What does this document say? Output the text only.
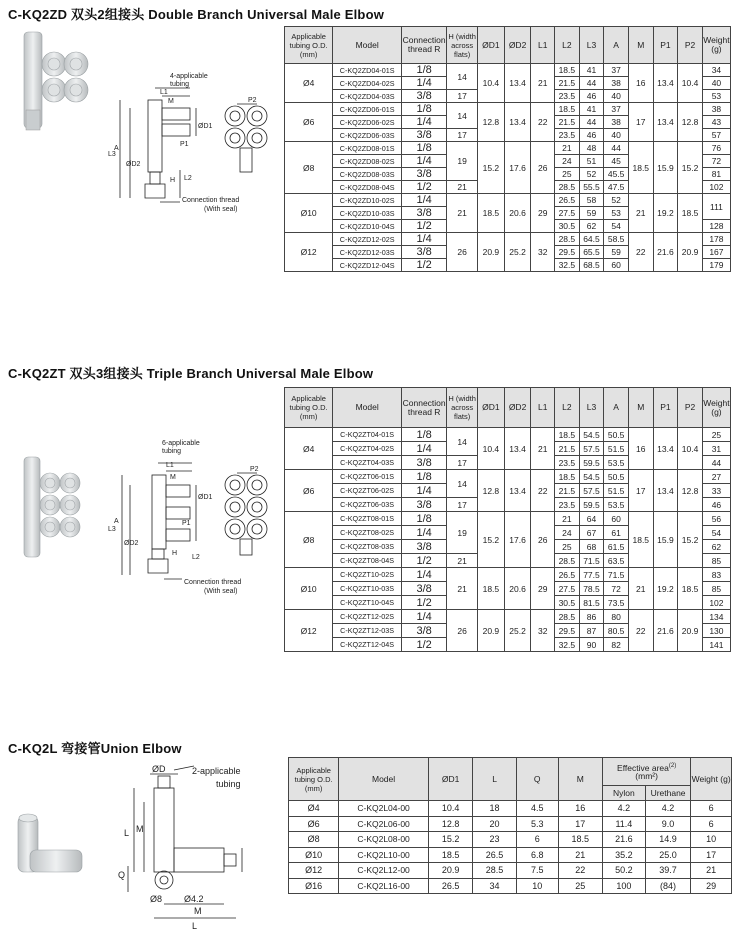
C-KQ2ZD 双头2组接头 Double Branch Universal Male Elbow
4-applicable
tubing
L1
M
ØD1
ØD2
L3
A
H L2
P1
P2
Connection thread
(With seal)
Applicable tubing O.D. (mm)	Model	Connection thread R	H (width across flats)	ØD1	ØD2	L1	L2	L3	A	M	P1	P2	Weight (g)
Ø4	C-KQ2ZD04-01S	1/8	14	10.4	13.4	21	18.5	41	37	16	13.4	10.4	34
	C-KQ2ZD04-02S	1/4					21.5	44	38				40
	C-KQ2ZD04-03S	3/8	17				23.5	46	40				53
Ø6	C-KQ2ZD06-01S	1/8	14	12.8	13.4	22	18.5	41	37	17	13.4	12.8	38
	C-KQ2ZD06-02S	1/4					21.5	44	38				43
	C-KQ2ZD06-03S	3/8	17				23.5	46	40				57
Ø8	C-KQ2ZD08-01S	1/8	19	15.2	17.6	26	21	48	44	18.5	15.9	15.2	76
	C-KQ2ZD08-02S	1/4					24	51	45				72
	C-KQ2ZD08-03S	3/8					25	52	45.5				81
	C-KQ2ZD08-04S	1/2	21				28.5	55.5	47.5				102
Ø10	C-KQ2ZD10-02S	1/4	21	18.5	20.6	29	26.5	58	52	21	19.2	18.5	111
	C-KQ2ZD10-03S	3/8					27.5	59	53				
	C-KQ2ZD10-04S	1/2					30.5	62	54				128
Ø12	C-KQ2ZD12-02S	1/4	26	20.9	25.2	32	28.5	64.5	58.5	22	21.6	20.9	178
	C-KQ2ZD12-03S	3/8					29.5	65.5	59				167
	C-KQ2ZD12-04S	1/2					32.5	68.5	60				179
C-KQ2ZT 双头3组接头 Triple Branch Universal Male Elbow
6-applicable
tubing
L1
M
ØD1
ØD2
L3
A
H
L2
P1
P2
Connection thread
(With seal)
Applicable tubing O.D. (mm)	Model	Connection thread R	H (width across flats)	ØD1	ØD2	L1	L2	L3	A	M	P1	P2	Weight (g)
Ø4	C-KQ2ZT04-01S	1/8	14	10.4	13.4	21	18.5	54.5	50.5	16	13.4	10.4	25
	C-KQ2ZT04-02S	1/4					21.5	57.5	51.5				31
	C-KQ2ZT04-03S	3/8	17				23.5	59.5	53.5				44
Ø6	C-KQ2ZT06-01S	1/8	14	12.8	13.4	22	18.5	54.5	50.5	17	13.4	12.8	27
	C-KQ2ZT06-02S	1/4					21.5	57.5	51.5				33
	C-KQ2ZT06-03S	3/8	17				23.5	59.5	53.5				46
Ø8	C-KQ2ZT08-01S	1/8	19	15.2	17.6	26	21	64	60	18.5	15.9	15.2	56
	C-KQ2ZT08-02S	1/4					24	67	61				54
	C-KQ2ZT08-03S	3/8					25	68	61.5				62
	C-KQ2ZT08-04S	1/2	21				28.5	71.5	63.5				85
Ø10	C-KQ2ZT10-02S	1/4	21	18.5	20.6	29	26.5	77.5	71.5	21	19.2	18.5	83
	C-KQ2ZT10-03S	3/8					27.5	78.5	72				85
	C-KQ2ZT10-04S	1/2					30.5	81.5	73.5				102
Ø12	C-KQ2ZT12-02S	1/4	26	20.9	25.2	32	28.5	86	80	22	21.6	20.9	134
	C-KQ2ZT12-03S	3/8					29.5	87	80.5				130
	C-KQ2ZT12-04S	1/2					32.5	90	82				141
C-KQ2L 弯接管Union Elbow
2-applicable
tubing
ØD
L M
Q
Ø8 Ø4.2
M
L
Applicable tubing O.D. (mm)	Model	ØD1	L	Q	M	Effective area$^{(2)}$
(mm²)		Weight (g)
						Nylon	Urethane	
Ø4	C-KQ2L04-00	10.4	18	4.5	16	4.2	4.2	6
Ø6	C-KQ2L06-00	12.8	20	5.3	17	11.4	9.0	6
Ø8	C-KQ2L08-00	15.2	23	6	18.5	21.6	14.9	10
Ø10	C-KQ2L10-00	18.5	26.5	6.8	21	35.2	25.0	17
Ø12	C-KQ2L12-00	20.9	28.5	7.5	22	50.2	39.7	21
Ø16	C-KQ2L16-00	26.5	34	10	25	100	(84)	29
